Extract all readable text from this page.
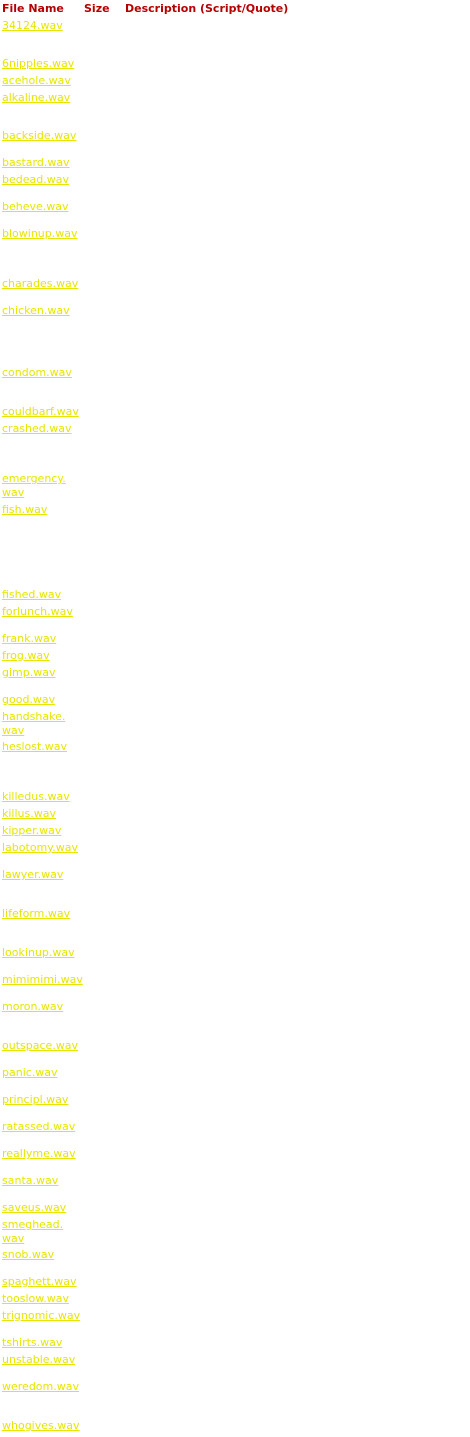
File Name Size Description (Script/Quote)
34124.wav
6nipples.wav
acehole.wav
alkaline.wav
backside.wav
bastard.wav
bedead.wav
beheve.wav
blowinup.wav
charades.wav
chicken.wav
condom.wav
couldbarf.wav
crashed.wav
emergency.
wav
fish.wav
fished.wav
forlunch.wav
frank.wav
frog.wav
gimp.wav
good.wav
handshake.
wav
heslost.wav
killedus.wav
killus.wav
kipper.wav
labotomy.wav
lawyer.wav
lifeform.wav
lookinup.wav
mimimimi.wav
moron.wav
outspace.wav
panic.wav
principl.wav
ratassed.wav
reallyme.wav
santa.wav
saveus.wav
smeghead.
wav
snob.wav
spaghett.wav
tooslow.wav
trignomic.wav
tshirts.wav
unstable.wav
weredom.wav
whogives.wav
